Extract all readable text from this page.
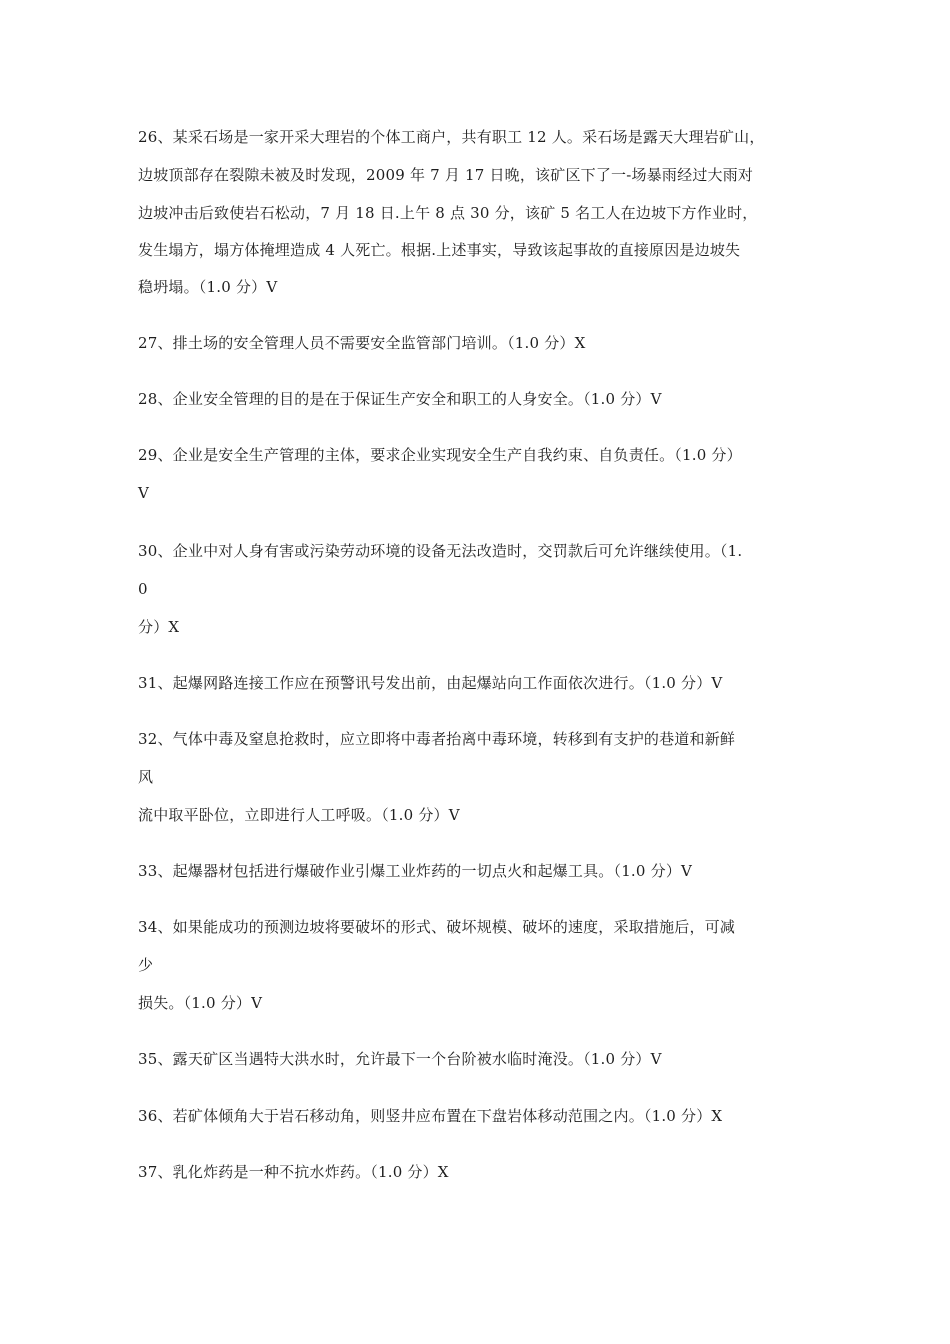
26、某采石场是一家开采大理岩的个体工商户，共有职工 12 人。采石场是露天大理岩矿山，

边坡顶部存在裂隙未被及时发现，2009 年 7 月 17 日晚，该矿区下了一-场暴雨经过大雨对

边坡冲击后致使岩石松动，7 月 18 日.上午 8 点 30 分，该矿 5 名工人在边坡下方作业时，

发生塌方，塌方体掩埋造成 4 人死亡。根据.上述事实，导致该起事故的直接原因是边坡失

稳坍塌。（1.0 分）V

27、排土场的安全管理人员不需要安全监管部门培训。（1.0 分）X

28、企业安全管理的目的是在于保证生产安全和职工的人身安全。（1.0 分）V

29、企业是安全生产管理的主体，要求企业实现安全生产自我约束、自负责任。（1.0 分）

V

30、企业中对人身有害或污染劳动环境的设备无法改造时，交罚款后可允许继续使用。（1.

0

分）X

31、起爆网路连接工作应在预警讯号发出前，由起爆站向工作面依次进行。（1.0 分）V

32、气体中毒及窒息抢救时，应立即将中毒者抬离中毒环境，转移到有支护的巷道和新鲜

风

流中取平卧位，立即进行人工呼吸。（1.0 分）V

33、起爆器材包括进行爆破作业引爆工业炸药的一切点火和起爆工具。（1.0 分）V

34、如果能成功的预测边坡将要破坏的形式、破坏规模、破坏的速度，采取措施后，可减

少

损失。（1.0 分）V

35、露天矿区当遇特大洪水时，允许最下一个台阶被水临时淹没。（1.0 分）V

36、若矿体倾角大于岩石移动角，则竖井应布置在下盘岩体移动范围之内。（1.0 分）X

37、乳化炸药是一种不抗水炸药。（1.0 分）X
